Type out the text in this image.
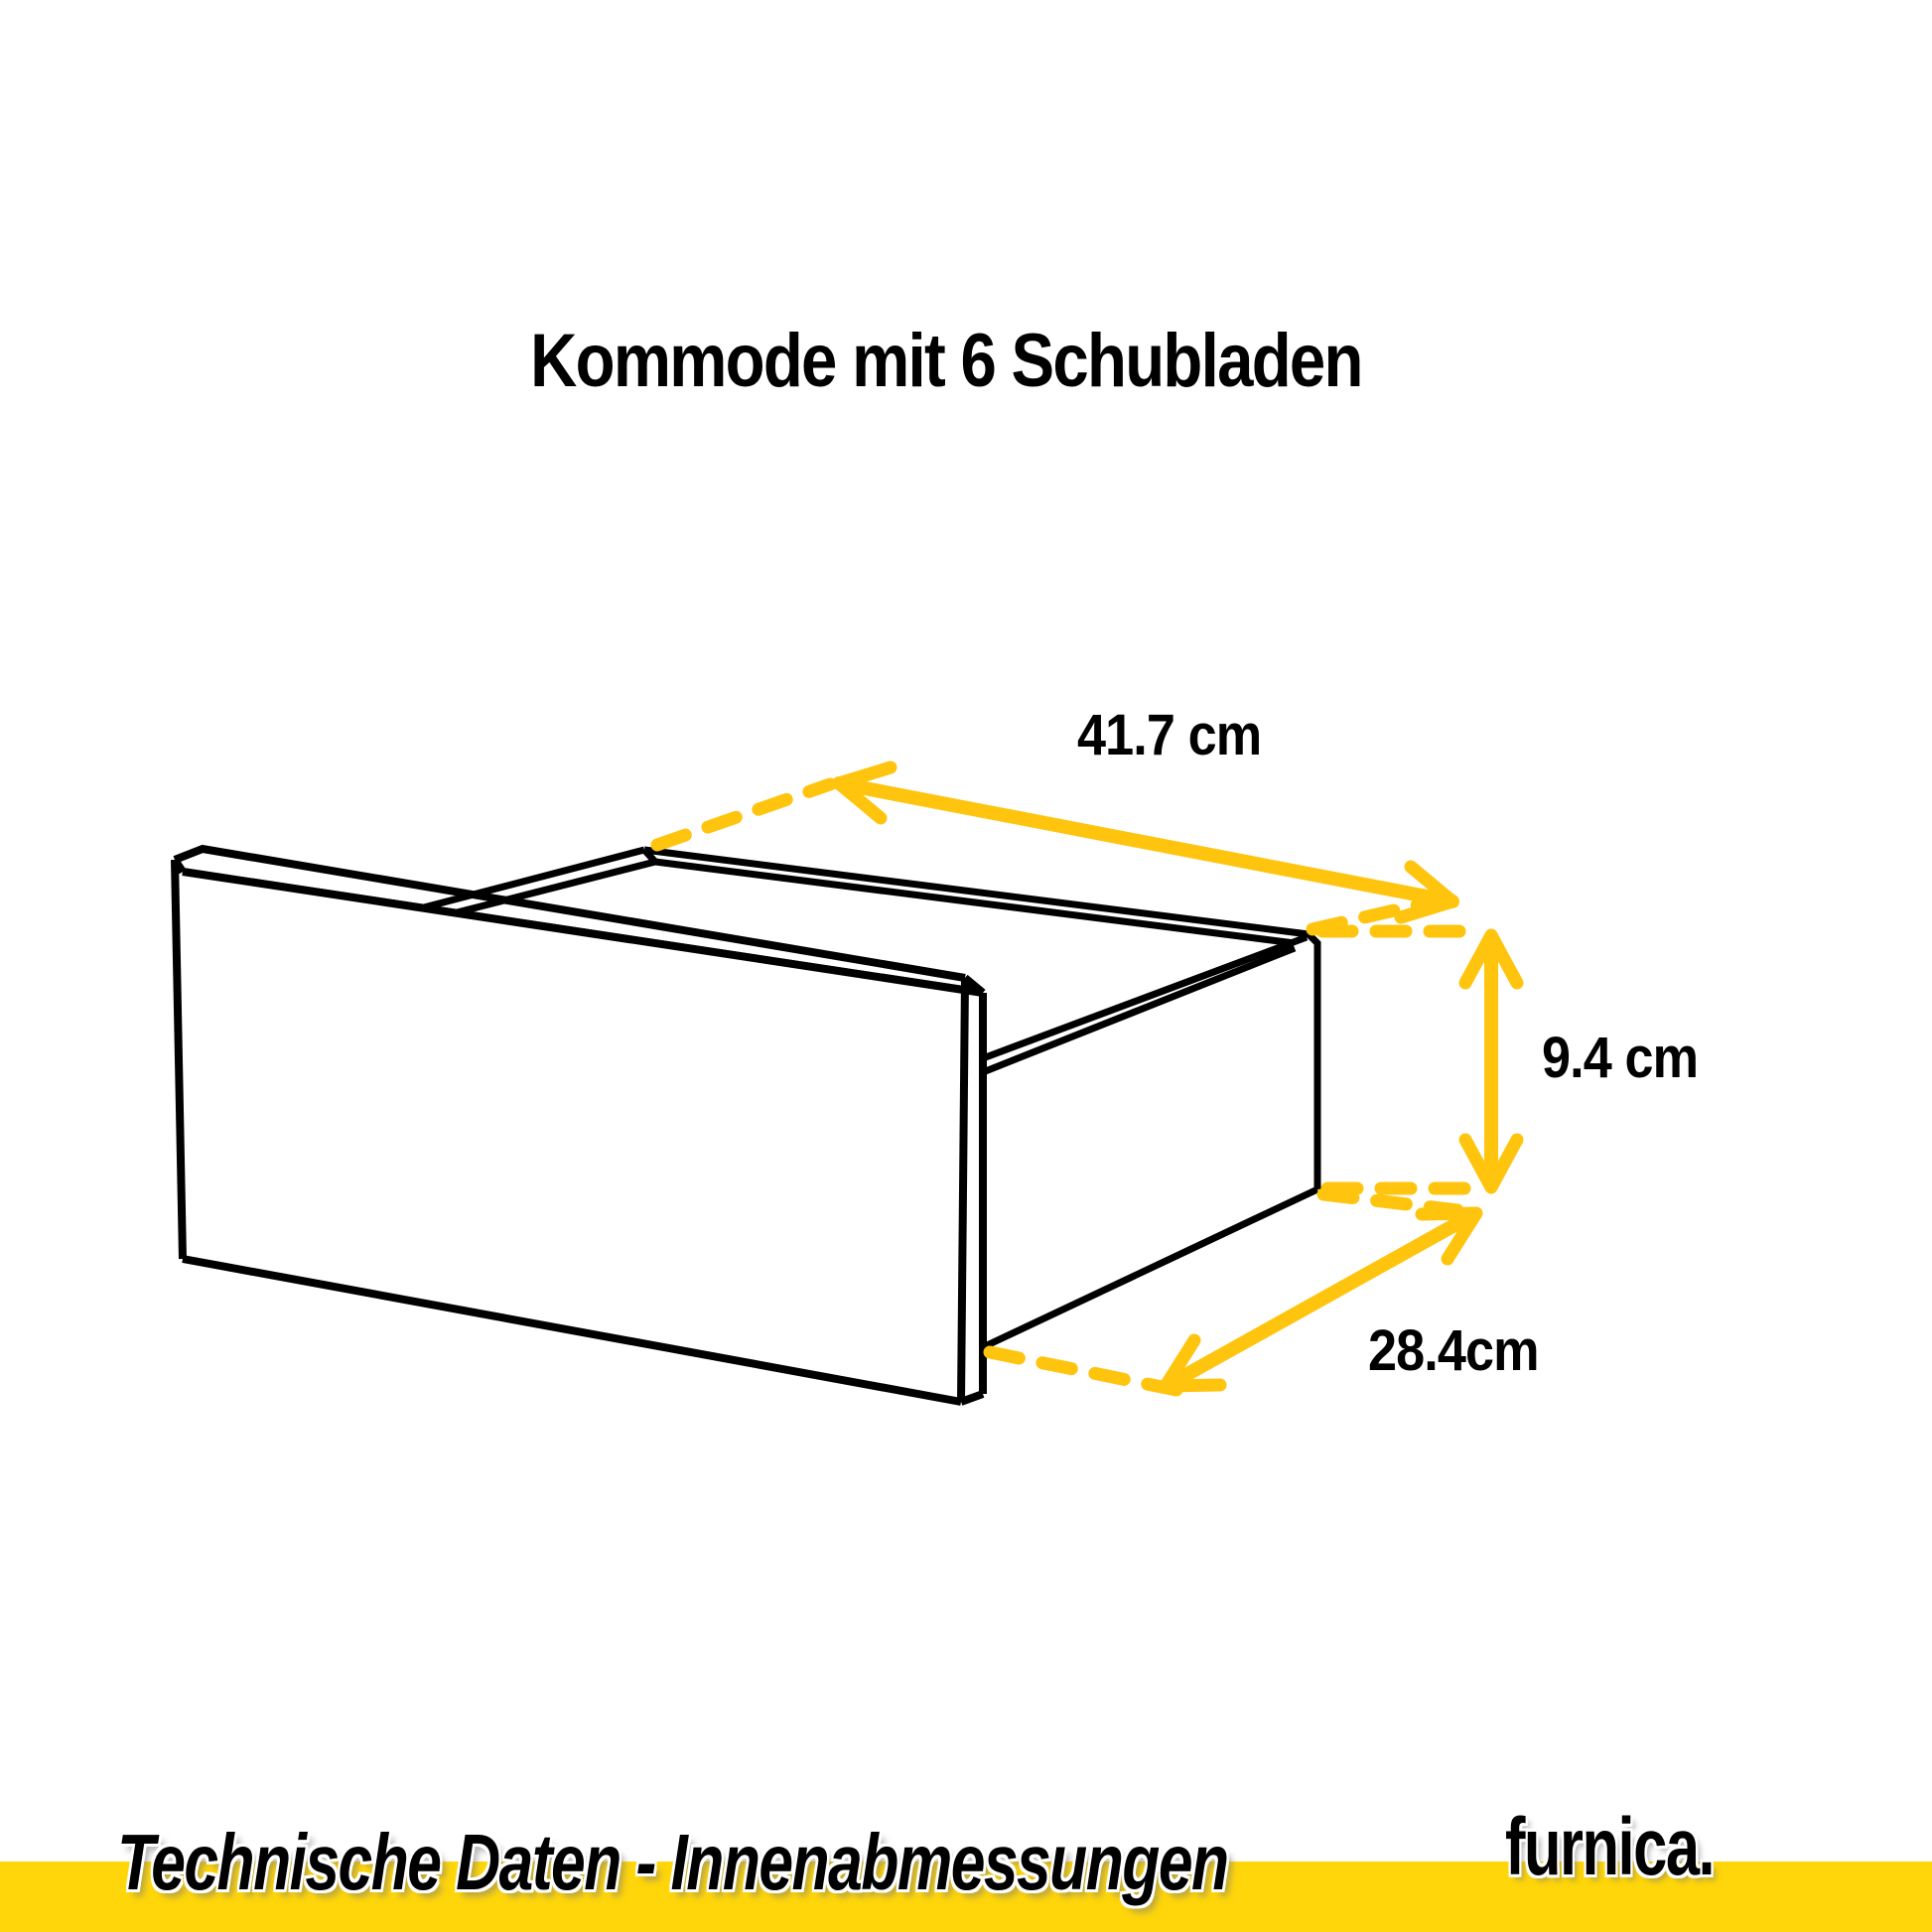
Kommode mit 6 Schubladen
41.7 cm
9.4 cm
28.4cm
Technische Daten - Innenabmessungen	furnica.
